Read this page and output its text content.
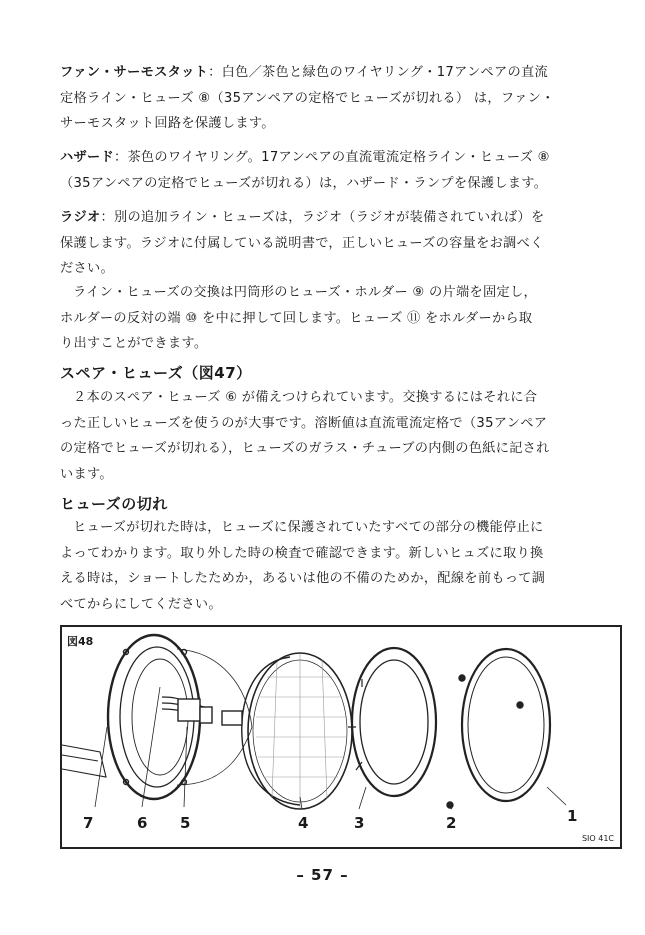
ファン・サーモスタット：白色／茶色と緑色のワイヤリング・17アンペアの直流
定格ライン・ヒューズ ⑧（35アンペアの定格でヒューズが切れる） は，ファン・
サーモスタット回路を保護します。
ハザード：茶色のワイヤリング。17アンペアの直流電流定格ライン・ヒューズ ⑧
（35アンペアの定格でヒューズが切れる）は，ハザード・ランプを保護します。
ラジオ：別の追加ライン・ヒューズは，ラジオ（ラジオが装備されていれば）を
保護します。ラジオに付属している説明書で，正しいヒューズの容量をお調べく
ださい。
ライン・ヒューズの交換は円筒形のヒューズ・ホルダー ⑨ の片端を固定し，
ホルダーの反対の端 ⑩ を中に押して回します。ヒューズ ⑪ をホルダーから取
り出すことができます。
スペア・ヒューズ（図47）
２本のスペア・ヒューズ ⑥ が備えつけられています。交換するにはそれに合
った正しいヒューズを使うのが大事です。溶断値は直流電流定格で（35アンペア
の定格でヒューズが切れる），ヒューズのガラス・チューブの内側の色紙に記され
います。
ヒューズの切れ
ヒューズが切れた時は，ヒューズに保護されていたすべての部分の機能停止に
よってわかります。取り外した時の検査で確認できます。新しいヒュズに取り換
える時は，ショートしたためか，あるいは他の不備のためか，配線を前もって調
べてからにしてください。
図48
7	6 5	4	3	2	1
SIO 41C
– 57 –
